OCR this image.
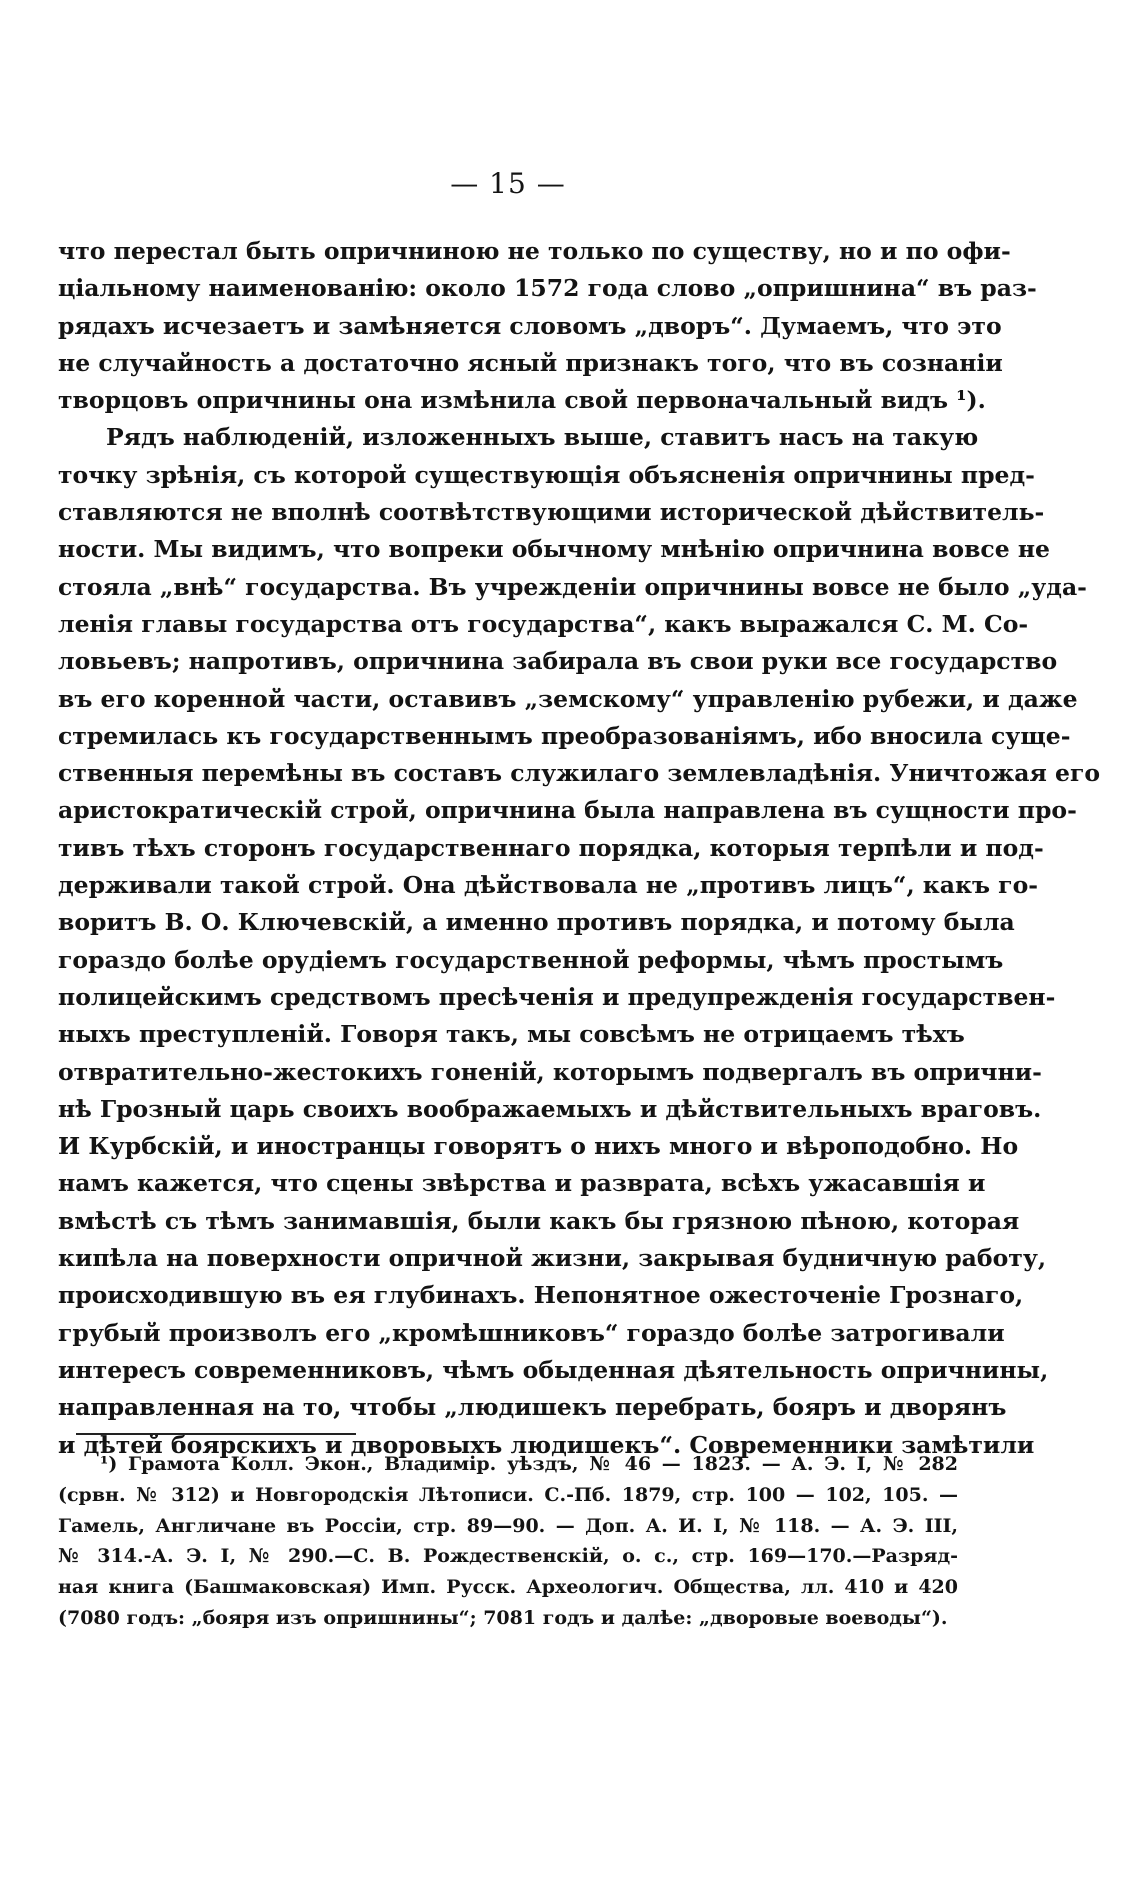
— 15 —
что перестал быть опричниною не только по существу, но и по офи-
ціальному наименованію: около 1572 года слово „опришнина“ въ раз-
рядахъ исчезаетъ и замѣняется словомъ „дворъ“. Думаемъ, что это
не случайность а достаточно ясный признакъ того, что въ сознаніи
творцовъ опричнины она измѣнила свой первоначальный видъ ¹).
Рядъ наблюденій, изложенныхъ выше, ставитъ насъ на такую
точку зрѣнія, съ которой существующія объясненія опричнины пред-
ставляются не вполнѣ соотвѣтствующими исторической дѣйствитель-
ности. Мы видимъ, что вопреки обычному мнѣнію опричнина вовсе не
стояла „внѣ“ государства. Въ учрежденіи опричнины вовсе не было „уда-
ленія главы государства отъ государства“, какъ выражался С. М. Со-
ловьевъ; напротивъ, опричнина забирала въ свои руки все государство
въ его коренной части, оставивъ „земскому“ управленію рубежи, и даже
стремилась къ государственнымъ преобразованіямъ, ибо вносила суще-
ственныя перемѣны въ составъ служилаго землевладѣнія. Уничтожая его
аристократическій строй, опричнина была направлена въ сущности про-
тивъ тѣхъ сторонъ государственнаго порядка, которыя терпѣли и под-
держивали такой строй. Она дѣйствовала не „противъ лицъ“, какъ го-
воритъ В. О. Ключевскій, а именно противъ порядка, и потому была
гораздо болѣе орудіемъ государственной реформы, чѣмъ простымъ
полицейскимъ средствомъ пресѣченія и предупрежденія государствен-
ныхъ преступленій. Говоря такъ, мы совсѣмъ не отрицаемъ тѣхъ
отвратительно-жестокихъ гоненій, которымъ подвергалъ въ опрични-
нѣ Грозный царь своихъ воображаемыхъ и дѣйствительныхъ враговъ.
И Курбскій, и иностранцы говорятъ о нихъ много и вѣроподобно. Но
намъ кажется, что сцены звѣрства и разврата, всѣхъ ужасавшія и
вмѣстѣ съ тѣмъ занимавшія, были какъ бы грязною пѣною, которая
кипѣла на поверхности опричной жизни, закрывая будничную работу,
происходившую въ ея глубинахъ. Непонятное ожесточеніе Грознаго,
грубый произволъ его „кромѣшниковъ“ гораздо болѣе затрогивали
интересъ современниковъ, чѣмъ обыденная дѣятельность опричнины,
направленная на то, чтобы „людишекъ перебрать, бояръ и дворянъ
и дѣтей боярскихъ и дворовыхъ людишекъ“. Современники замѣтили
¹) Грамота Колл. Экон., Владимір. уѣздъ, № 46 — 1823. — А. Э. I, № 282
(срвн. № 312) и Новгородскія Лѣтописи. С.-Пб. 1879, стр. 100 — 102, 105. —
Гамель, Англичане въ Россіи, стр. 89—90. — Доп. А. И. I, № 118. — А. Э. III,
№ 314.-А. Э. I, № 290.—С. В. Рождественскій, о. с., стр. 169—170.—Разряд-
ная книга (Башмаковская) Имп. Русск. Археологич. Общества, лл. 410 и 420
(7080 годъ: „бояря изъ опришнины“; 7081 годъ и далѣе: „дворовые воеводы“).
